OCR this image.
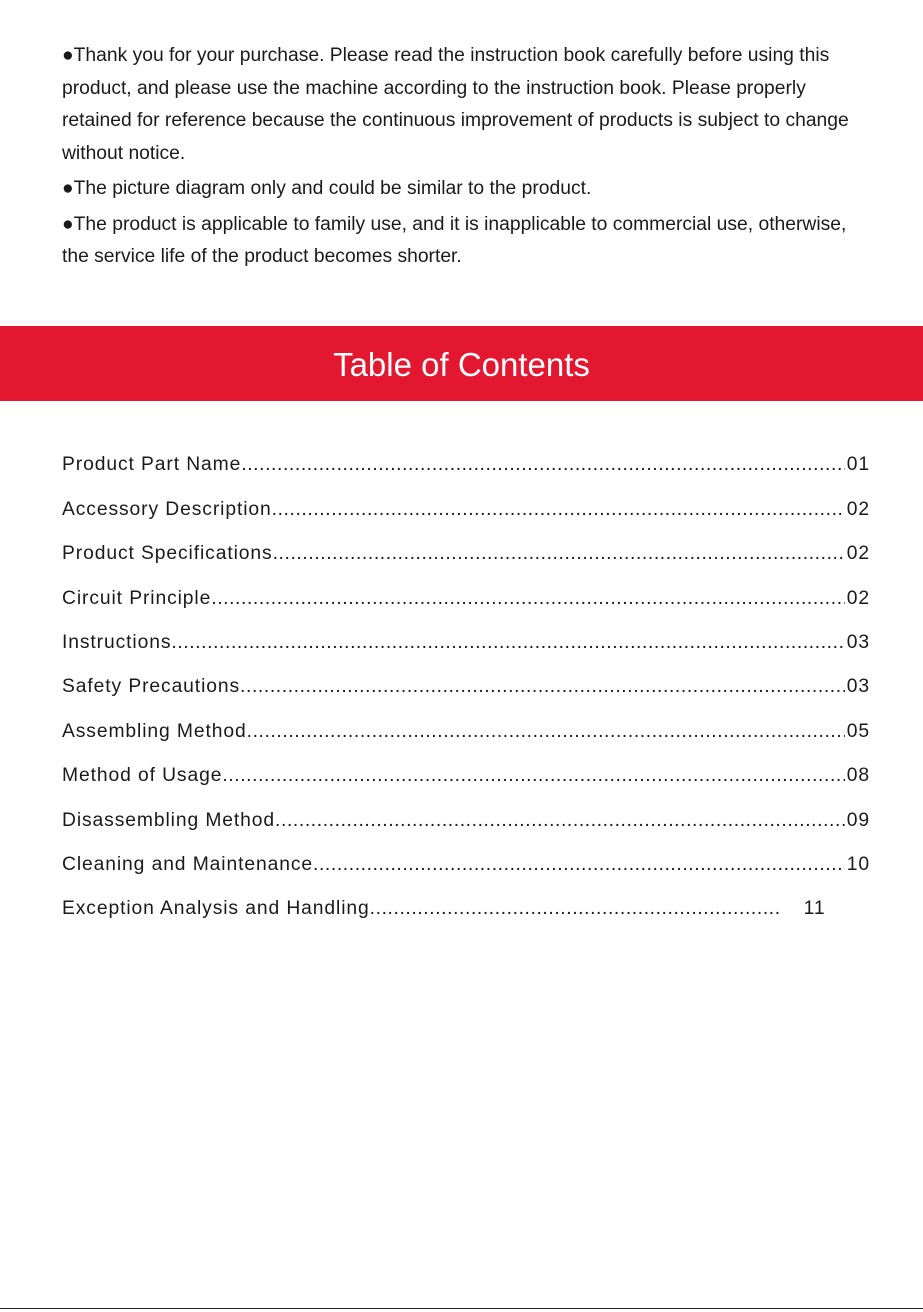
●Thank you for your purchase. Please read the instruction book carefully before using this product, and please use the machine according to the instruction book. Please properly retained for reference because the continuous improvement of products is subject to change without notice.

●The picture diagram only and could be similar to the product.

●The product is applicable to family use, and it is inapplicable to commercial use, otherwise, the service life of the product becomes shorter.

Table of Contents
Product Part Name .....	01
Accessory Description .....	02
Product Specifications .....	02
Circuit Principle .....	02
Instructions .....	03
Safety Precautions .....	03
Assembling Method .....	05
Method of Usage .....	08
Disassembling Method .....	09
Cleaning and Maintenance .....	10
Exception Analysis and Handling .....	11
